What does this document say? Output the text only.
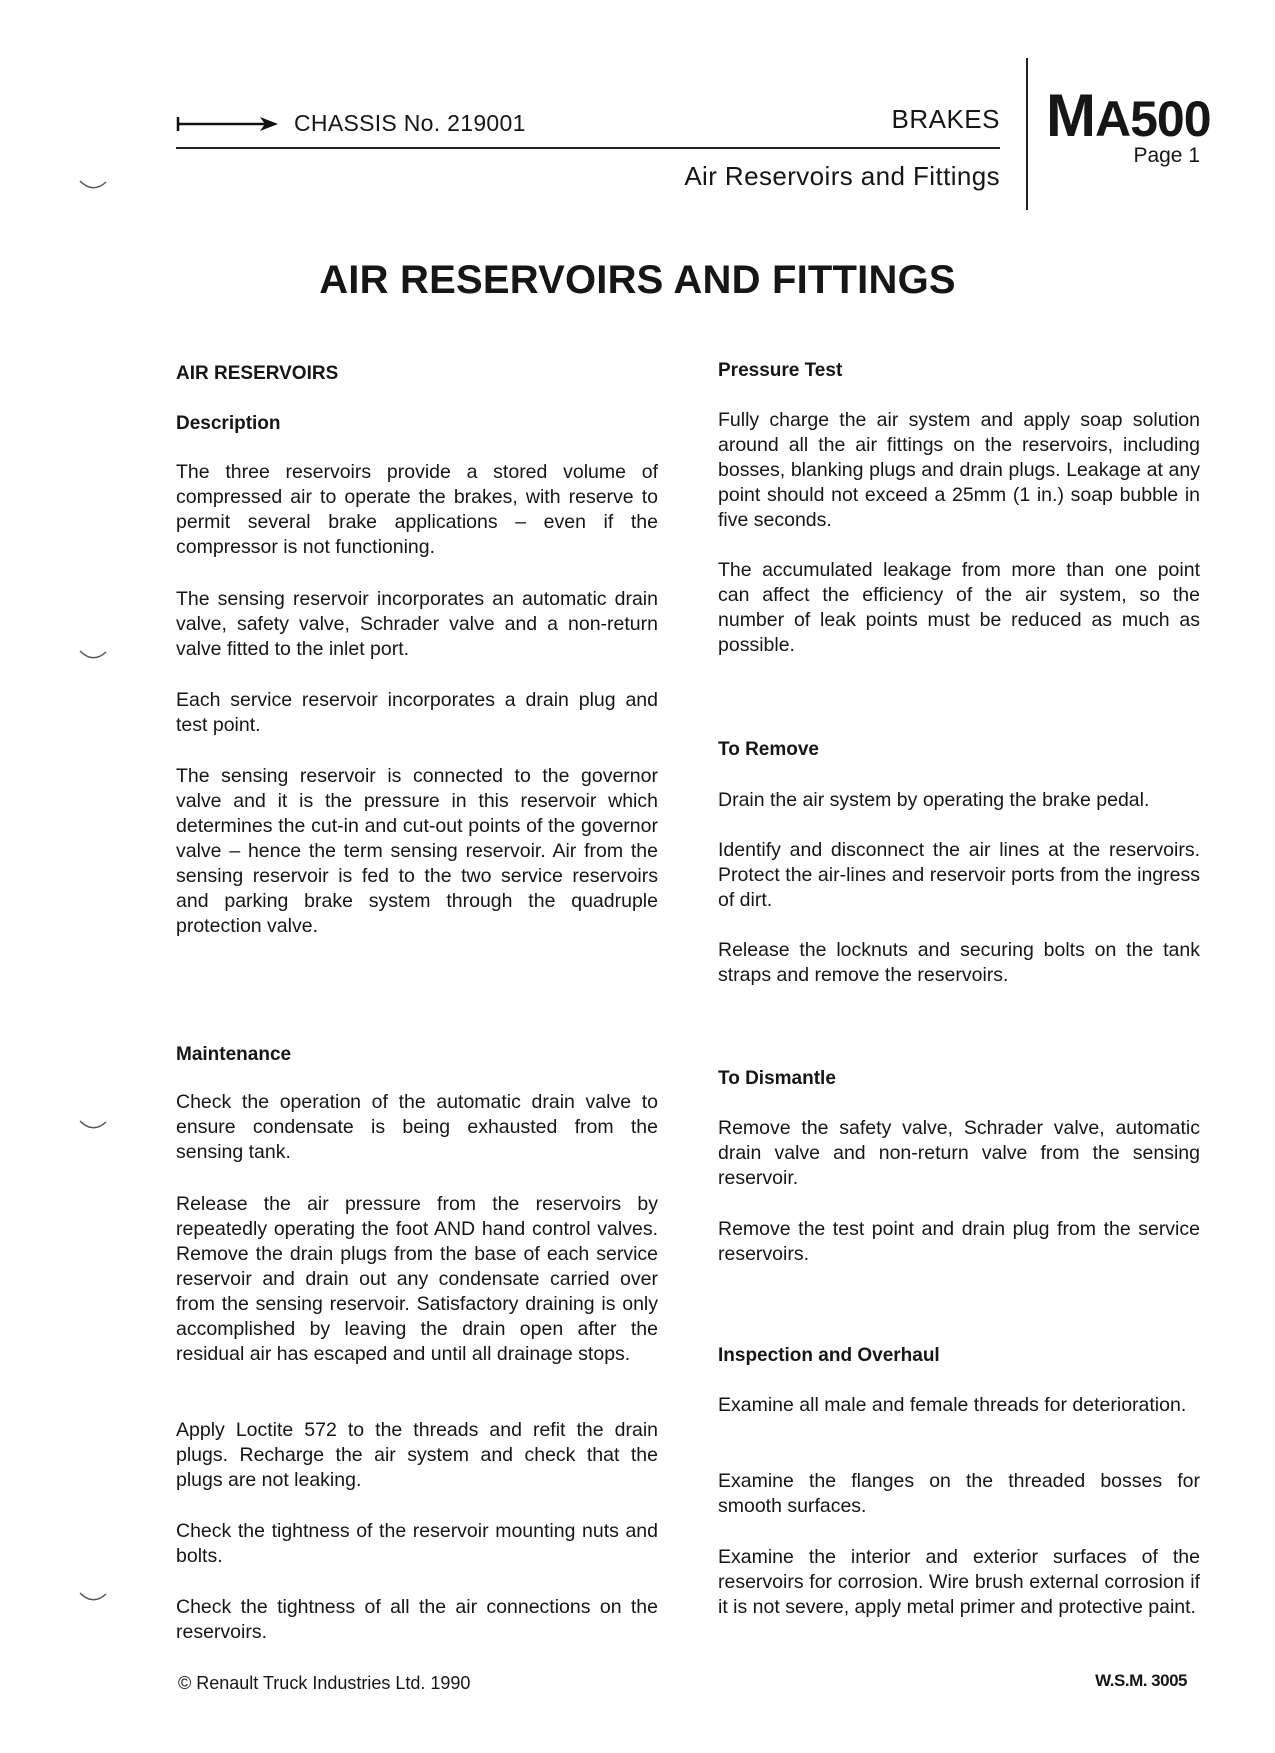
CHASSIS No. 219001	BRAKES
Air Reservoirs and Fittings
MA500
Page 1
AIR RESERVOIRS AND FITTINGS
AIR RESERVOIRS
Description

The three reservoirs provide a stored volume of compressed air to operate the brakes, with reserve to permit several brake applications – even if the compressor is not functioning.

The sensing reservoir incorporates an automatic drain valve, safety valve, Schrader valve and a non-return valve fitted to the inlet port.

Each service reservoir incorporates a drain plug and test point.

The sensing reservoir is connected to the governor valve and it is the pressure in this reservoir which determines the cut-in and cut-out points of the governor valve – hence the term sensing reservoir. Air from the sensing reservoir is fed to the two service reservoirs and parking brake system through the quadruple protection valve.

Maintenance

Check the operation of the automatic drain valve to ensure condensate is being exhausted from the sensing tank.

Release the air pressure from the reservoirs by repeatedly operating the foot AND hand control valves. Remove the drain plugs from the base of each service reservoir and drain out any condensate carried over from the sensing reservoir. Satisfactory draining is only accomplished by leaving the drain open after the residual air has escaped and until all drainage stops.

Apply Loctite 572 to the threads and refit the drain plugs. Recharge the air system and check that the plugs are not leaking.

Check the tightness of the reservoir mounting nuts and bolts.

Check the tightness of all the air connections on the reservoirs.

Pressure Test

Fully charge the air system and apply soap solution around all the air fittings on the reservoirs, including bosses, blanking plugs and drain plugs. Leakage at any point should not exceed a 25mm (1 in.) soap bubble in five seconds.

The accumulated leakage from more than one point can affect the efficiency of the air system, so the number of leak points must be reduced as much as possible.

To Remove

Drain the air system by operating the brake pedal.

Identify and disconnect the air lines at the reservoirs. Protect the air-lines and reservoir ports from the ingress of dirt.

Release the locknuts and securing bolts on the tank straps and remove the reservoirs.

To Dismantle

Remove the safety valve, Schrader valve, automatic drain valve and non-return valve from the sensing reservoir.

Remove the test point and drain plug from the service reservoirs.

Inspection and Overhaul

Examine all male and female threads for deterioration.

Examine the flanges on the threaded bosses for smooth surfaces.

Examine the interior and exterior surfaces of the reservoirs for corrosion. Wire brush external corrosion if it is not severe, apply metal primer and protective paint.

© Renault Truck Industries Ltd. 1990	W.S.M. 3005
